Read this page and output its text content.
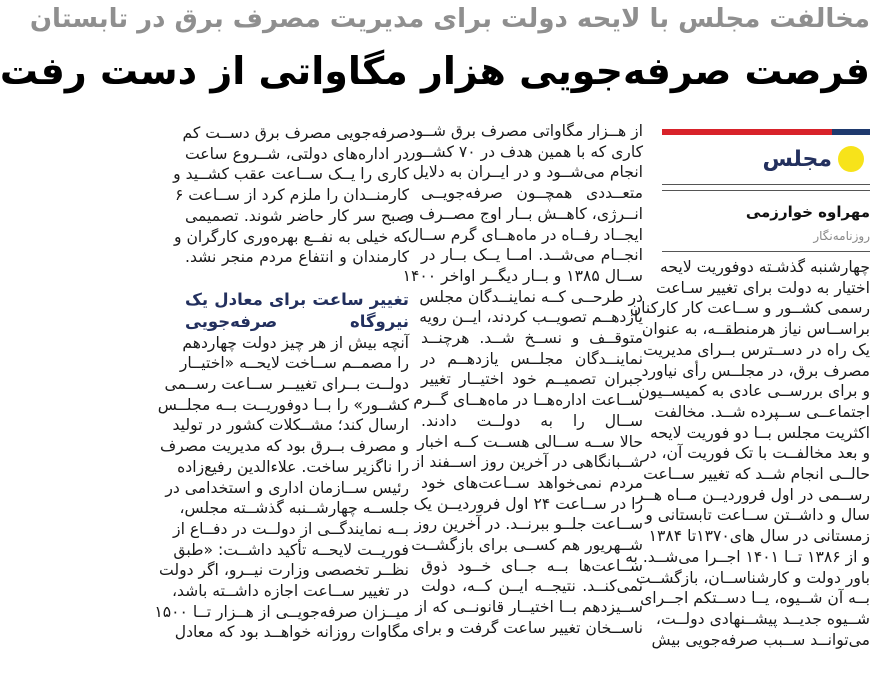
مخالفت مجلس با لایحه دولت برای مدیریت مصرف برق در تابستان
فرصت صرفه‌جویی هزار مگاواتی از دست رفت
مجلس
مهراوه خوارزمی
روزنامه‌نگار

چهارشنبه گذشـته دوفوریت لایحه

اختیار به دولت برای تغییر سـاعت

رسمی کشــور و ســاعت کار کارکنان

براســاس نیاز هرمنطقــه، به عنوان

یک راه در دســترس بــرای مدیریت

مصرف برق، در مجلــس رأی نیاورد

و برای بررســی عادی به کمیســیون

اجتماعــی ســپرده شــد. مخالفت

اکثریت مجلس بــا دو فوریت لایحه

و بعد مخالفــت با تک فوریت آن، در

حالــی انجام شــد که تغییر ســاعت

رســمی در اول فروردیــن مــاه هــر

سال و داشــتن ســاعت تابستانی و

زمستانی در سال های۱۳۷۰تا ۱۳۸۴

و از ۱۳۸۶ تــا ۱۴۰۱ اجــرا می‌شــد. به

باور دولت و کارشناســان، بازگشــت

بــه آن شــیوه، یــا دســتکم اجــرای

شــیوه جدیــد پیشــنهادی دولــت،

می‌توانــد ســبب صرفه‌جویی بیش

از هــزار مگاواتی مصرف برق شــود.

کاری که با همین هدف در ۷۰ کشــور

انجام می‌شــود و در ایــران به دلایل

متعــددی همچــون صرفه‌جویــی

انــرژی، کاهــش بــار اوج مصــرف و

ایجــاد رفــاه در ماه‌هــای گرم ســال

انجــام می‌شــد. امــا یــک بــار در

ســال ۱۳۸۵ و بــار دیگــر اواخر ۱۴۰۰

در طرحــی کــه نماینــدگان مجلس

یازدهــم تصویــب کردند، ایــن رویه

متوقــف و نســخ شــد. هرچنــد

نماینــدگان مجلــس یازدهــم در

جبران تصمیــم خود اختیــار تغییر

ســاعت اداره‌هــا در ماه‌هــای گــرم

ســال را به دولــت دادند.

حالا ســه ســالی هســت کــه اخبار

شــبانگاهی در آخرین روز اســفند از

مردم نمی‌خواهد ســاعت‌های خود

را در ســاعت ۲۴ اول فروردیــن یک

ســاعت جلــو ببرنــد. در آخرین روز

شــهریور هم کســی برای بازگشــت

ســاعت‌ها بــه جــای خــود ذوق

نمی‌کنــد. نتیجــه ایــن کــه، دولت

ســیزدهم بــا اختیــار قانونــی که از

ناســخان تغییر ساعت گرفت و برای

صرفه‌جویی مصرف برق دســت کم

در اداره‌های دولتی، شــروع ساعت

کاری را یــک ســاعت عقب کشــید و

کارمنــدان را ملزم کرد از ســاعت ۶

صبح سر کار حاضر شوند. تصمیمی

که خیلی به نفــع بهره‌وری کارگران و

کارمندان و انتفاع مردم منجر نشد.

تغییر ساعت برای معادل یک

نیروگاه صرفه‌جویی

آنچه بیش از هر چیز دولت چهاردهم

را مصمــم ســاخت لایحــه «اختیــار

دولــت بــرای تغییــر ســاعت رســمی

کشــور» را بــا دوفوریــت بــه مجلــس

ارسال کند؛ مشــکلات کشور در تولید

و مصرف بــرق بود که مدیریت مصرف

را ناگزیر ساخت. علاءالدین رفیع‌زاده

رئیس ســازمان اداری و استخدامی در

جلســه چهارشــنبه گذشــته مجلس،

بــه نمایندگــی از دولــت در دفــاع از

فوریــت لایحــه تأکید داشــت: «طبق

نظــر تخصصی وزارت نیــرو، اگر دولت

در تغییر ســاعت اجازه داشــته باشد،

میــزان صرفه‌جویــی از هــزار تــا ۱۵۰۰

مگاوات روزانه خواهــد بود که معادل
